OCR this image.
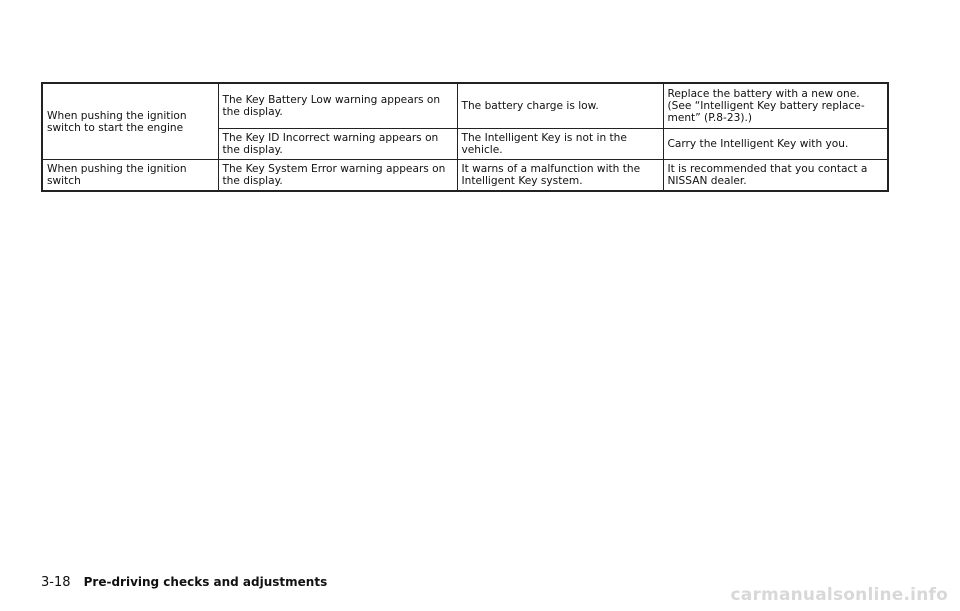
When pushing the ignition switch to start the engine	The Key Battery Low warning appears on the display.	The battery charge is low.	Replace the battery with a new one. (See “Intelligent Key battery replace- ment” (P.8-23).)

	The Key ID Incorrect warning appears on the display.	The Intelligent Key is not in the vehicle.	Carry the Intelligent Key with you.

When pushing the ignition switch	The Key System Error warning appears on the display.	It warns of a malfunction with the Intelligent Key system.	It is recommended that you contact a NISSAN dealer.
3-18 Pre-driving checks and adjustments
carmanualsonline.info
